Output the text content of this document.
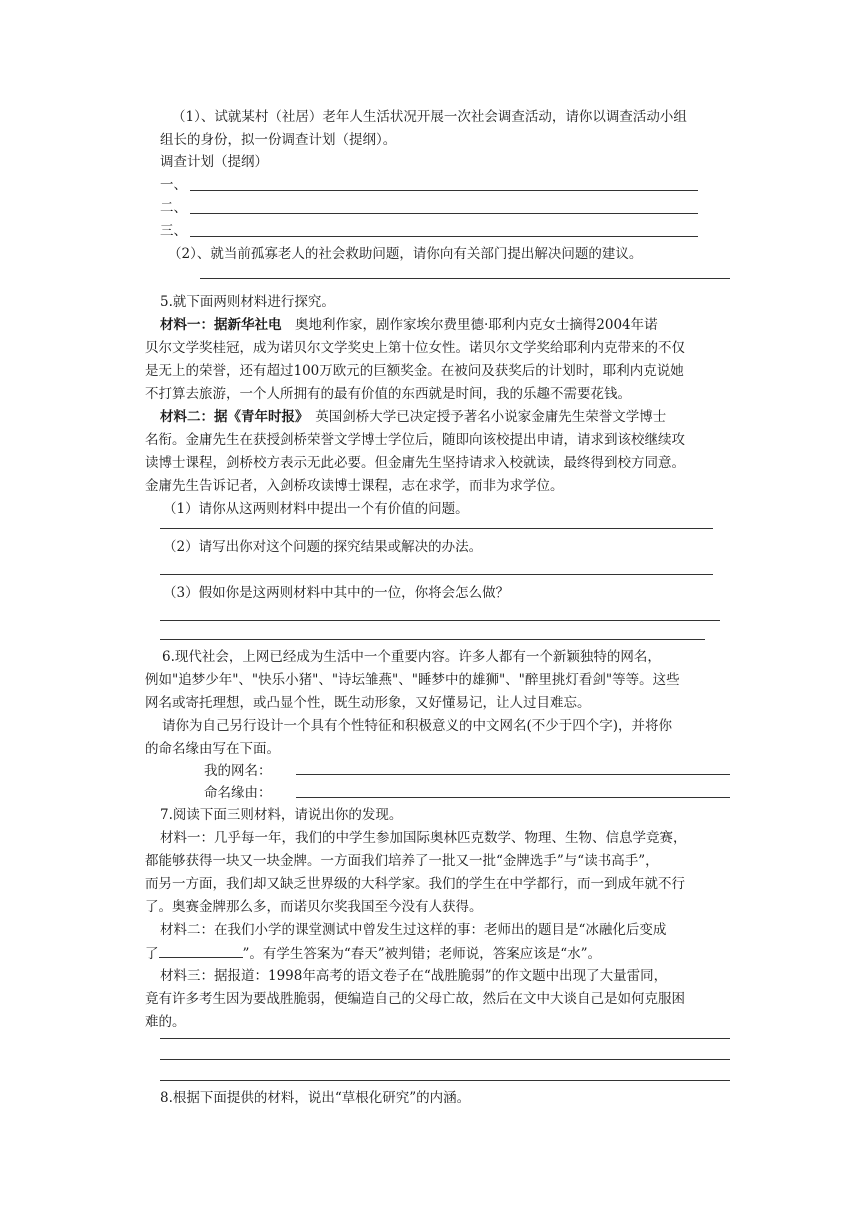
（1）、试就某村（社居）老年人生活状况开展一次社会调查活动，请你以调查活动小组
组长的身份，拟一份调查计划（提纲）。
调查计划（提纲）
一、
二、
三、
（2）、就当前孤寡老人的社会救助问题，请你向有关部门提出解决问题的建议。
5.就下面两则材料进行探究。
材料一：据新华社电　奥地利作家，剧作家埃尔费里德·耶利内克女士摘得2004年诺
贝尔文学奖桂冠，成为诺贝尔文学奖史上第十位女性。诺贝尔文学奖给耶利内克带来的不仅
是无上的荣誉，还有超过100万欧元的巨额奖金。在被问及获奖后的计划时，耶利内克说她
不打算去旅游，一个人所拥有的最有价值的东西就是时间，我的乐趣不需要花钱。
材料二：据《青年时报》　英国剑桥大学已决定授予著名小说家金庸先生荣誉文学博士
名衔。金庸先生在获授剑桥荣誉文学博士学位后，随即向该校提出申请，请求到该校继续攻
读博士课程，剑桥校方表示无此必要。但金庸先生坚持请求入校就读，最终得到校方同意。
金庸先生告诉记者，入剑桥攻读博士课程，志在求学，而非为求学位。
（1）请你从这两则材料中提出一个有价值的问题。
（2）请写出你对这个问题的探究结果或解决的办法。
（3）假如你是这两则材料中其中的一位，你将会怎么做？
6.现代社会，上网已经成为生活中一个重要内容。许多人都有一个新颖独特的网名，
例如"追梦少年"、"快乐小猪"、"诗坛雏燕"、"睡梦中的雄狮"、"醉里挑灯看剑"等等。这些
网名或寄托理想，或凸显个性，既生动形象，又好懂易记，让人过目难忘。
请你为自己另行设计一个具有个性特征和积极意义的中文网名(不少于四个字)，并将你
的命名缘由写在下面。
我的网名：
命名缘由：
7.阅读下面三则材料，请说出你的发现。
材料一：几乎每一年，我们的中学生参加国际奥林匹克数学、物理、生物、信息学竞赛，
都能够获得一块又一块金牌。一方面我们培养了一批又一批“金牌选手”与“读书高手”，
而另一方面，我们却又缺乏世界级的大科学家。我们的学生在中学都行，而一到成年就不行
了。奥赛金牌那么多，而诺贝尔奖我国至今没有人获得。
材料二：在我们小学的课堂测试中曾发生过这样的事：老师出的题目是“冰融化后变成
了	”。有学生答案为“春天”被判错；老师说，答案应该是“水”。
材料三：据报道：1998年高考的语文卷子在“战胜脆弱”的作文题中出现了大量雷同，
竟有许多考生因为要战胜脆弱，便编造自己的父母亡故，然后在文中大谈自己是如何克服困
难的。
8.根据下面提供的材料，说出“草根化研究”的内涵。
